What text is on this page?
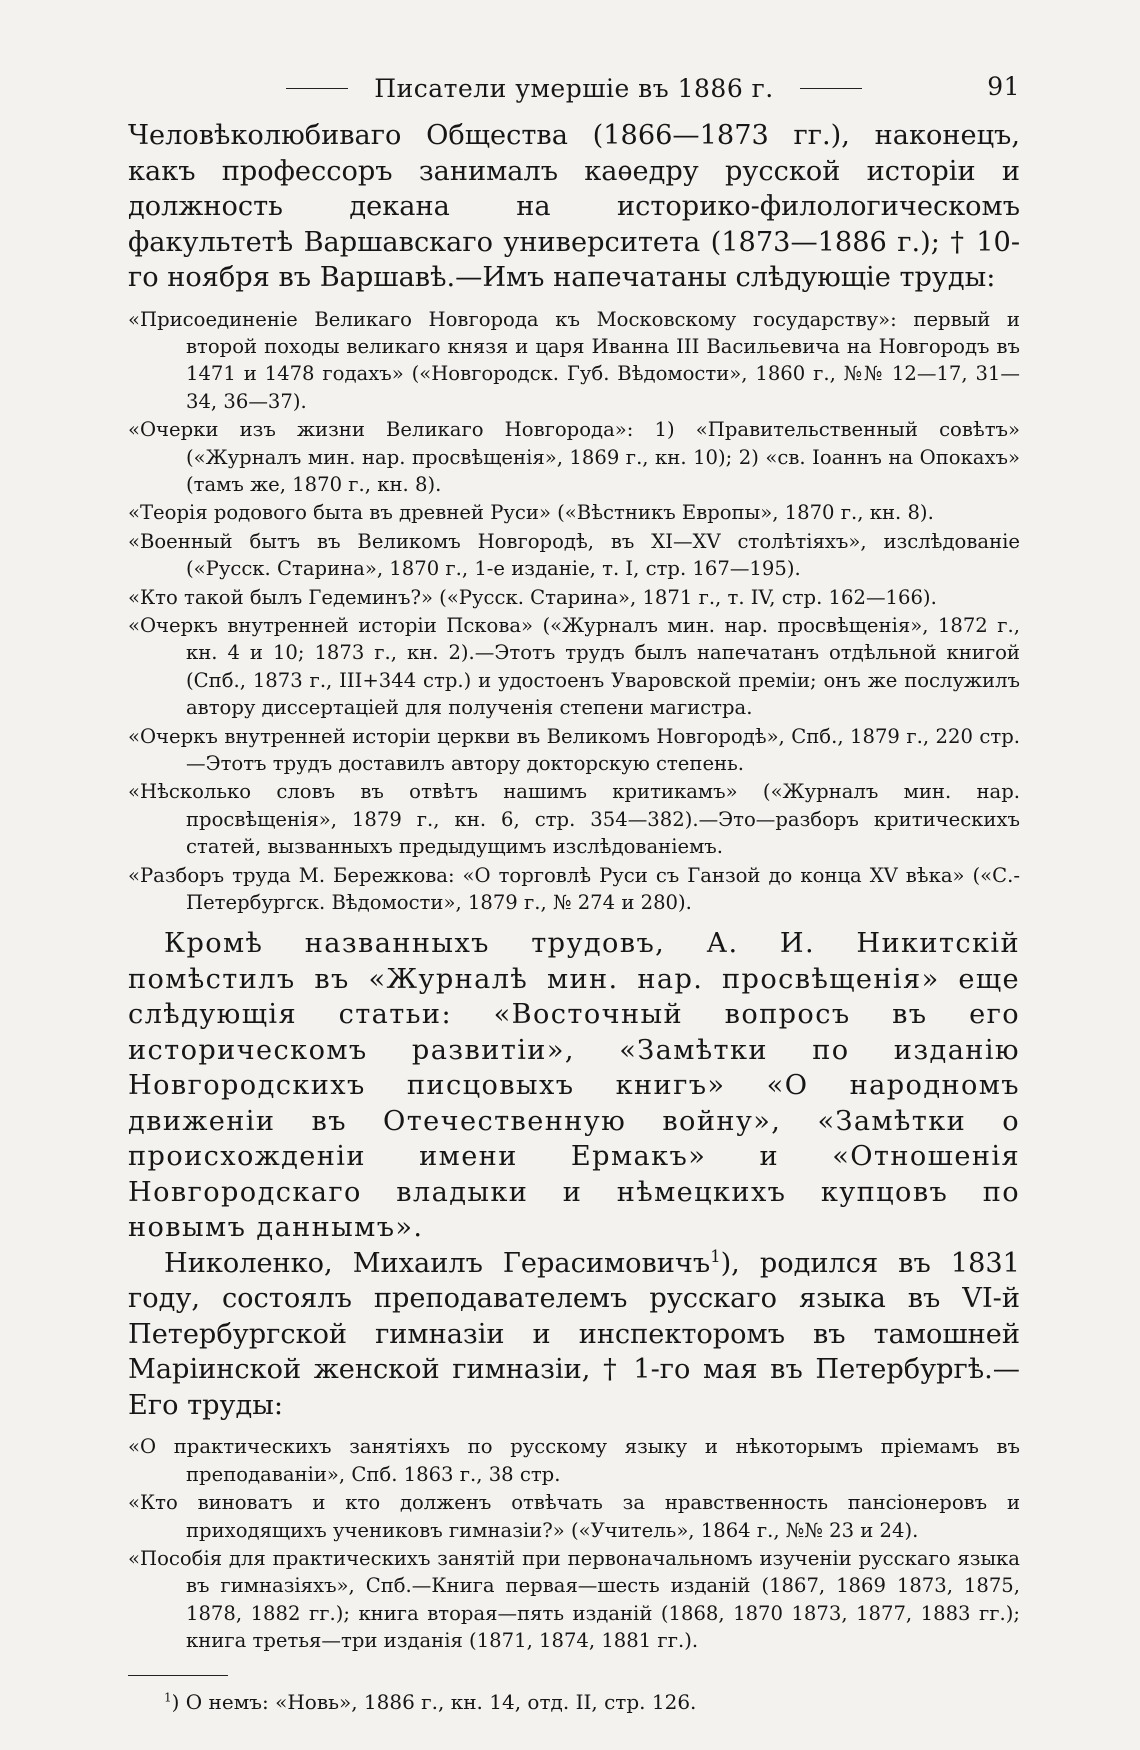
Писатели умершіе въ 1886 г.	91

Человѣколюбиваго Общества (1866—1873 гг.), наконецъ, какъ профессоръ занималъ каѳедру русской исторіи и должность декана на историко-филологическомъ факультетѣ Варшавскаго университета (1873—1886 г.); † 10-го ноября въ Варшавѣ.—Имъ напечатаны слѣдующіе труды:

«Присоединеніе Великаго Новгорода къ Московскому государству»: первый и второй походы великаго князя и царя Иванна III Васильевича на Новгородъ въ 1471 и 1478 годахъ» («Новгородск. Губ. Вѣдомости», 1860 г., №№ 12—17, 31—34, 36—37).
«Очерки изъ жизни Великаго Новгорода»: 1) «Правительственный совѣтъ» («Журналъ мин. нар. просвѣщенія», 1869 г., кн. 10); 2) «св. Іоаннъ на Опокахъ» (тамъ же, 1870 г., кн. 8).
«Теорія родового быта въ древней Руси» («Вѣстникъ Европы», 1870 г., кн. 8).
«Военный бытъ въ Великомъ Новгородѣ, въ XI—XV столѣтіяхъ», изслѣдованіе («Русск. Старина», 1870 г., 1-е изданіе, т. I, стр. 167—195).
«Кто такой былъ Гедеминъ?» («Русск. Старина», 1871 г., т. IV, стр. 162—166).
«Очеркъ внутренней исторіи Пскова» («Журналъ мин. нар. просвѣщенія», 1872 г., кн. 4 и 10; 1873 г., кн. 2).—Этотъ трудъ былъ напечатанъ отдѣльной книгой (Спб., 1873 г., III+344 стр.) и удостоенъ Уваровской преміи; онъ же послужилъ автору диссертаціей для полученія степени магистра.
«Очеркъ внутренней исторіи церкви въ Великомъ Новгородѣ», Спб., 1879 г., 220 стр.—Этотъ трудъ доставилъ автору докторскую степень.
«Нѣсколько словъ въ отвѣтъ нашимъ критикамъ» («Журналъ мин. нар. просвѣщенія», 1879 г., кн. 6, стр. 354—382).—Это—разборъ критическихъ статей, вызванныхъ предыдущимъ изслѣдованіемъ.
«Разборъ труда М. Бережкова: «О торговлѣ Руси съ Ганзой до конца XV вѣка» («С.-Петербургск. Вѣдомости», 1879 г., № 274 и 280).

Кромѣ названныхъ трудовъ, А. И. Никитскій помѣстилъ въ «Журналѣ мин. нар. просвѣщенія» еще слѣдующія статьи: «Восточный вопросъ въ его историческомъ развитіи», «Замѣтки по изданію Новгородскихъ писцовыхъ книгъ» «О народномъ движеніи въ Отечественную войну», «Замѣтки о происхожденіи имени Ермакъ» и «Отношенія Новгородскаго владыки и нѣмецкихъ купцовъ по новымъ даннымъ».

Николенко, Михаилъ Герасимовичъ$^1$), родился въ 1831 году, состоялъ преподавателемъ русскаго языка въ VI-й Петербургской гимназіи и инспекторомъ въ тамошней Маріинской женской гимназіи, † 1-го мая въ Петербургѣ.—Его труды:

«О практическихъ занятіяхъ по русскому языку и нѣкоторымъ пріемамъ въ преподаваніи», Спб. 1863 г., 38 стр.
«Кто виноватъ и кто долженъ отвѣчать за нравственность пансіонеровъ и приходящихъ учениковъ гимназіи?» («Учитель», 1864 г., №№ 23 и 24).
«Пособія для практическихъ занятій при первоначальномъ изученіи русскаго языка въ гимназіяхъ», Спб.—Книга первая—шесть изданій (1867, 1869 1873, 1875, 1878, 1882 гг.); книга вторая—пять изданій (1868, 1870 1873, 1877, 1883 гг.); книга третья—три изданія (1871, 1874, 1881 гг.).

$^1$) О немъ: «Новь», 1886 г., кн. 14, отд. II, стр. 126.
